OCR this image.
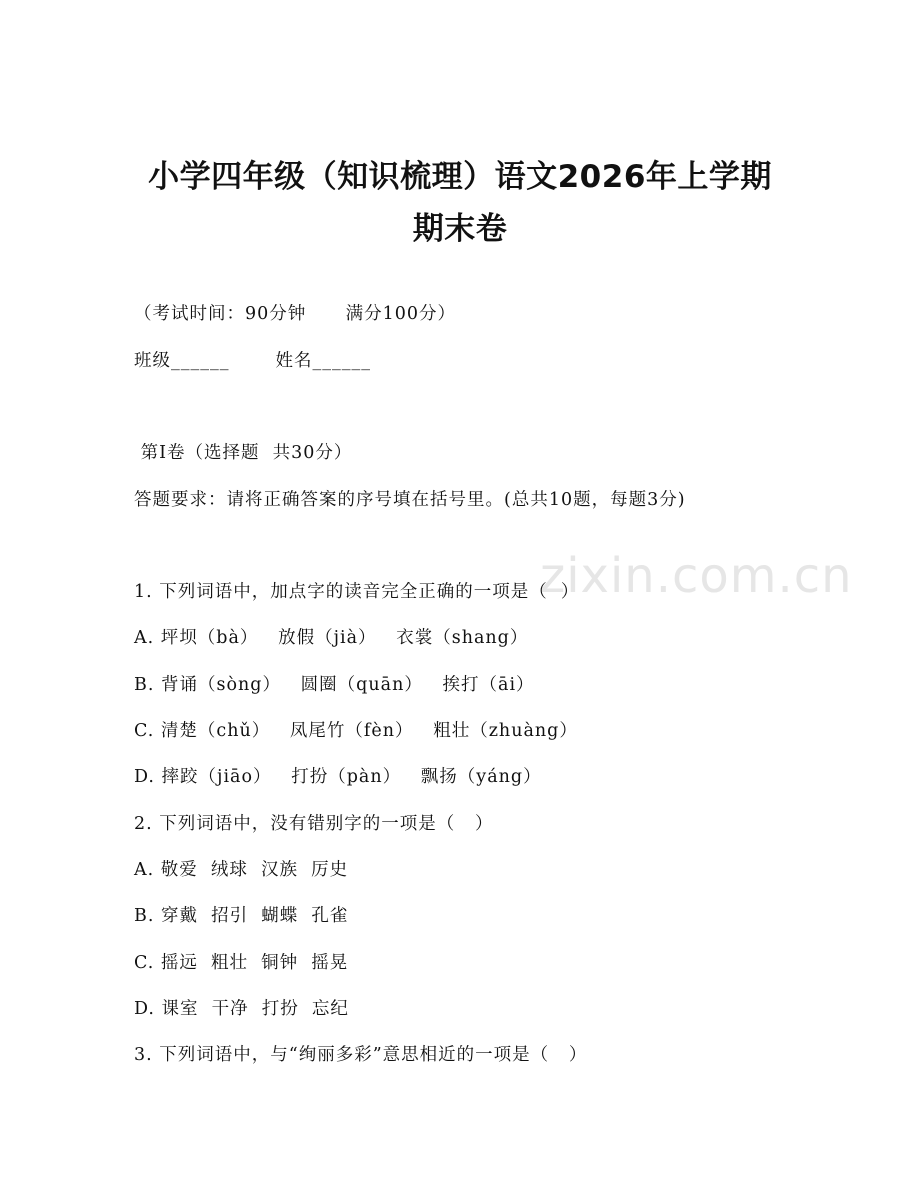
zixin.com.cn
小学四年级（知识梳理）语文2026年上学期
期末卷
（考试时间：90分钟      满分100分）
班级______       姓名______
第Ⅰ卷（选择题  共30分）
答题要求：请将正确答案的序号填在括号里。(总共10题，每题3分)
1. 下列词语中，加点字的读音完全正确的一项是（  ）
A. 坪坝（bà）   放假（jià）   衣裳（shang）
B. 背诵（sòng）   圆圈（quān）   挨打（āi）
C. 清楚（chǔ）   凤尾竹（fèn）   粗壮（zhuàng）
D. 摔跤（jiāo）   打扮（pàn）   飘扬（yáng）
2. 下列词语中，没有错别字的一项是（   ）
A. 敬爱  绒球  汉族  厉史
B. 穿戴  招引  蝴蝶  孔雀
C. 摇远  粗壮  铜钟  摇晃
D. 课室  干净  打扮  忘纪
3. 下列词语中，与“绚丽多彩”意思相近的一项是（   ）
